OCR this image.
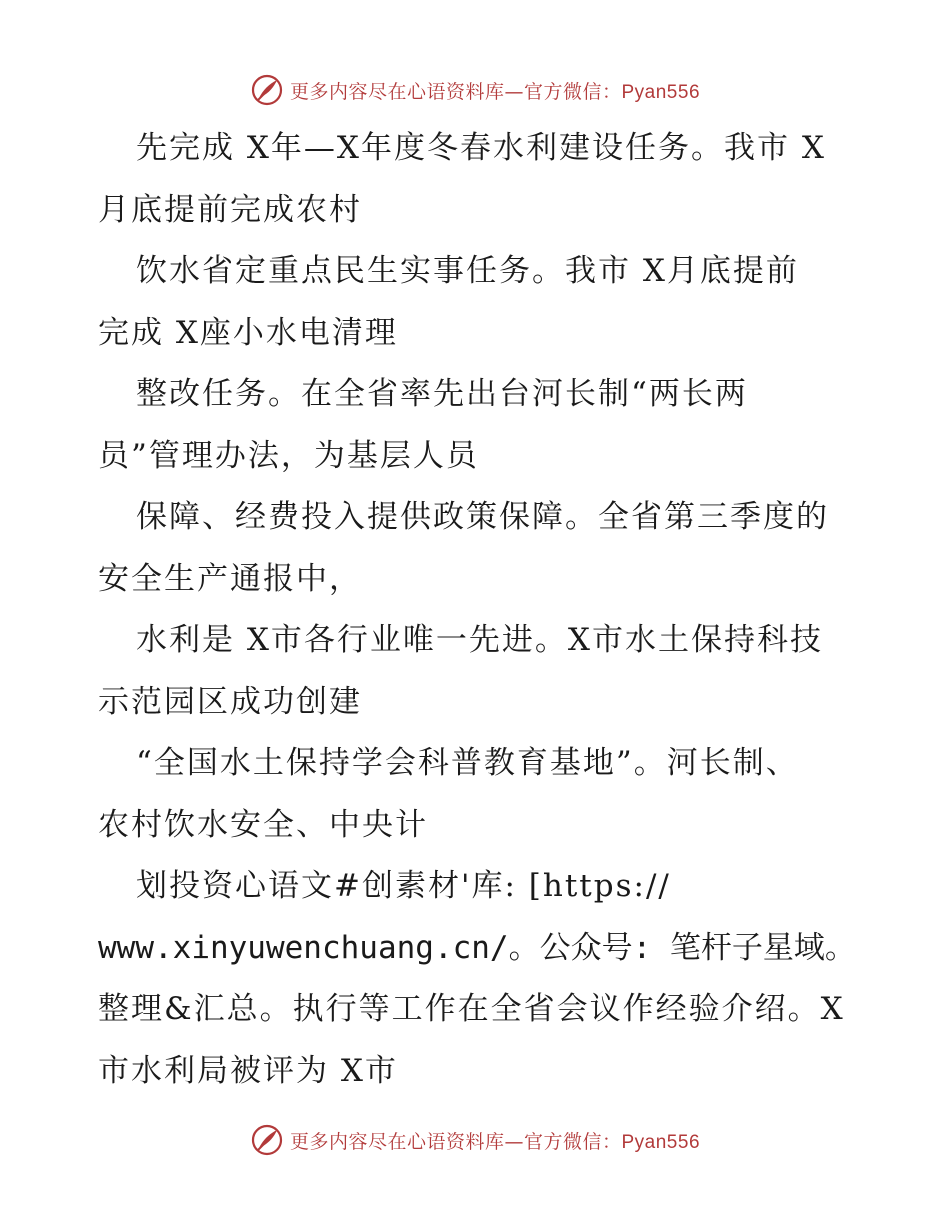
更多内容尽在心语资料库—官方微信：Pyan556
先完成 X年—X年度冬春水利建设任务。我市 X
月底提前完成农村
饮水省定重点民生实事任务。我市 X月底提前
完成 X座小水电清理
整改任务。在全省率先出台河长制“两长两
员”管理办法，为基层人员
保障、经费投入提供政策保障。全省第三季度的
安全生产通报中，
水利是 X市各行业唯一先进。X市水土保持科技
示范园区成功创建
“全国水土保持学会科普教育基地”。河长制、
农村饮水安全、中央计
划投资心语文#创素材'库: [https://
www.xinyuwenchuang.cn/。公众号: 笔杆子星域。
整理&汇总。执行等工作在全省会议作经验介绍。X
市水利局被评为 X市
更多内容尽在心语资料库—官方微信：Pyan556
